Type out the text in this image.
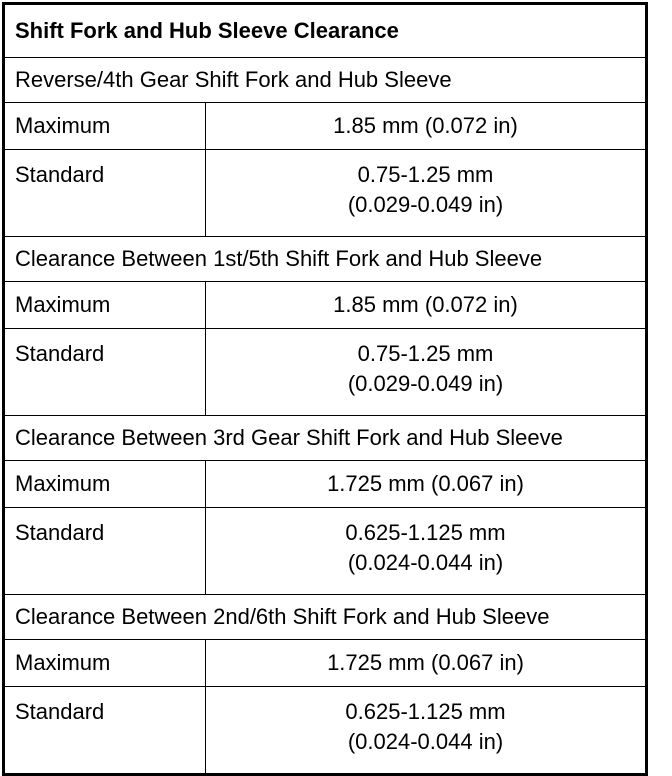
Shift Fork and Hub Sleeve Clearance	
Reverse/4th Gear Shift Fork and Hub Sleeve	
Maximum	1.85 mm (0.072 in)
Standard	0.75-1.25 mm
(0.029-0.049 in)

Clearance Between 1st/5th Shift Fork and Hub Sleeve	
Maximum	1.85 mm (0.072 in)
Standard	0.75-1.25 mm
(0.029-0.049 in)

Clearance Between 3rd Gear Shift Fork and Hub Sleeve	
Maximum	1.725 mm (0.067 in)
Standard	0.625-1.125 mm
(0.024-0.044 in)

Clearance Between 2nd/6th Shift Fork and Hub Sleeve	
Maximum	1.725 mm (0.067 in)
Standard	0.625-1.125 mm
(0.024-0.044 in)
